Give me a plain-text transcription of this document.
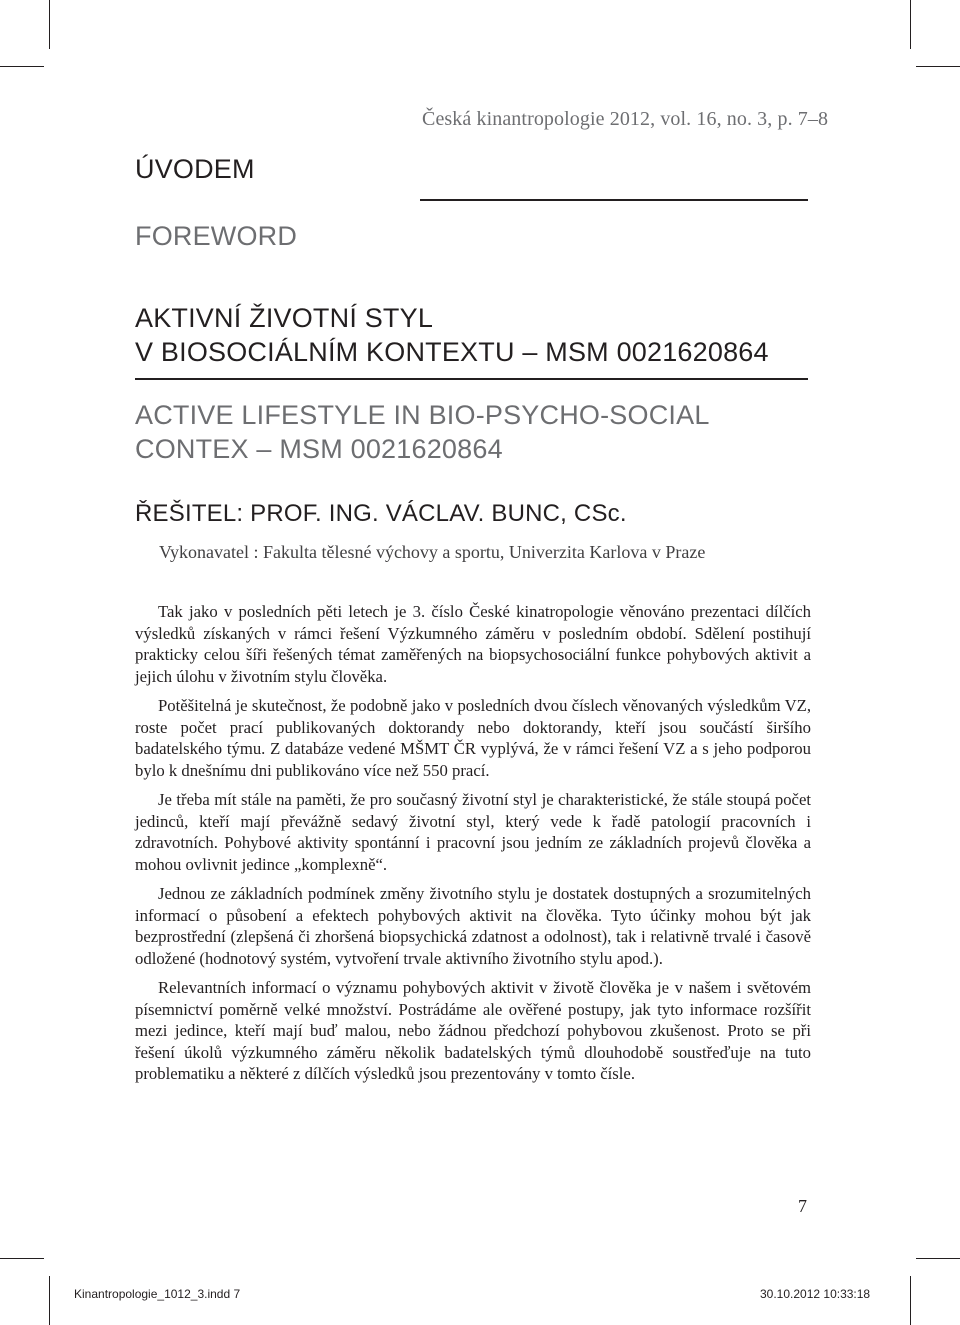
Česká kinantropologie 2012, vol. 16, no. 3, p. 7–8
ÚVODEM
FOREWORD
AKTIVNÍ ŽIVOTNÍ STYL
V BIOSOCIÁLNÍM KONTEXTU – MSM 0021620864
ACTIVE LIFESTYLE IN BIO-PSYCHO-SOCIAL
CONTEX – MSM 0021620864
ŘEŠITEL: PROF. ING. VÁCLAV. BUNC, CSc.
Vykonavatel : Fakulta tělesné výchovy a sportu, Univerzita Karlova v Praze

Tak jako v posledních pěti letech je 3. číslo České kinatropologie věnováno prezentaci dílčích výsledků získaných v rámci řešení Výzkumného záměru v posledním období. Sdělení postihují prakticky celou šíři řešených témat zaměřených na biopsychosociální funkce pohybových aktivit a jejich úlohu v životním stylu člověka.

Potěšitelná je skutečnost, že podobně jako v posledních dvou číslech věnovaných výsledkům VZ, roste počet prací publikovaných doktorandy nebo doktorandy, kteří jsou součástí širšího badatelského týmu. Z databáze vedené MŠMT ČR vyplývá, že v rámci řešení VZ a s jeho podporou bylo k dnešnímu dni publikováno více než 550 prací.

Je třeba mít stále na paměti, že pro současný životní styl je charakteristické, že stále stoupá počet jedinců, kteří mají převážně sedavý životní styl, který vede k řadě patologií pracovních i zdravotních. Pohybové aktivity spontánní i pracovní jsou jedním ze základních projevů člověka a mohou ovlivnit jedince „komplexně“.

Jednou ze základních podmínek změny životního stylu je dostatek dostupných a srozumitelných informací o působení a efektech pohybových aktivit na člověka. Tyto účinky mohou být jak bezprostřední (zlepšená či zhoršená biopsychická zdatnost a odolnost), tak i relativně trvalé i časově odložené (hodnotový systém, vytvoření trvale aktivního životního stylu apod.).

Relevantních informací o významu pohybových aktivit v životě člověka je v našem i světovém písemnictví poměrně velké množství. Postrádáme ale ověřené postupy, jak tyto informace rozšířit mezi jedince, kteří mají buď malou, nebo žádnou předchozí pohybovou zkušenost. Proto se při řešení úkolů výzkumného záměru několik badatelských týmů dlouhodobě soustřeďuje na tuto problematiku a některé z dílčích výsledků jsou prezentovány v tomto čísle.

7
Kinantropologie_1012_3.indd 7	30.10.2012 10:33:18
